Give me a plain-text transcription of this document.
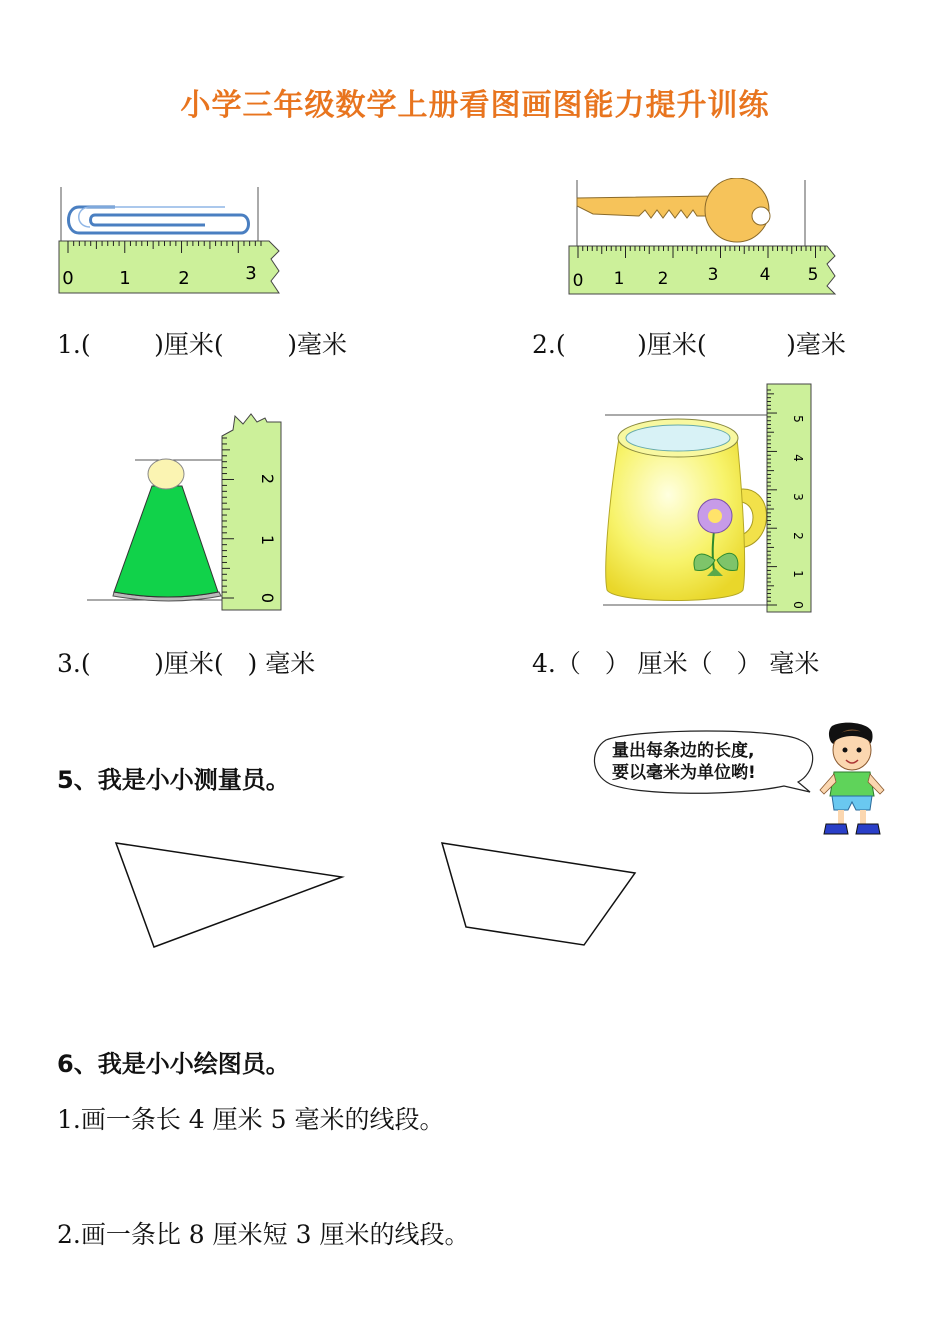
小学三年级数学上册看图画图能力提升训练
0	1	2	3
1.(        )厘米(        )毫米
0 1 2 3 4 5
2.(         )厘米(          )毫米
0
1
2
3.(        )厘米(   ) 毫米
0
1
2
3
4
5
4.（   ） 厘米（   ） 毫米
5、我是小小测量员。
量出每条边的长度,
要以毫米为单位哟!
6、我是小小绘图员。
1.画一条长 4 厘米 5 毫米的线段。
2.画一条比 8 厘米短 3 厘米的线段。
